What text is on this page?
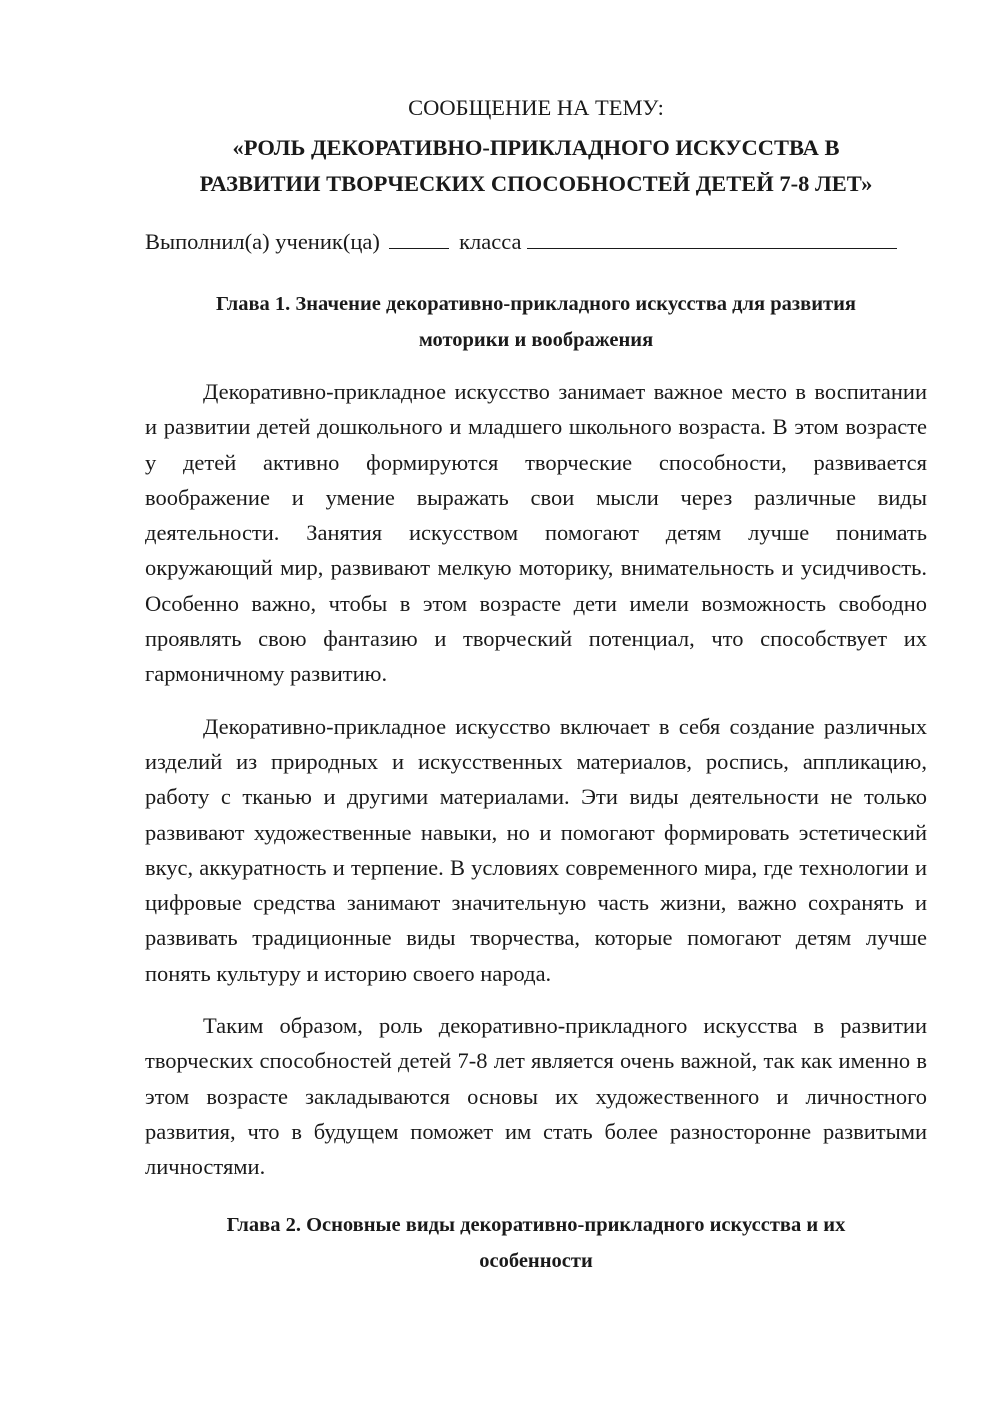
СООБЩЕНИЕ НА ТЕМУ:

«РОЛЬ ДЕКОРАТИВНО-ПРИКЛАДНОГО ИСКУССТВА В
РАЗВИТИИ ТВОРЧЕСКИХ СПОСОБНОСТЕЙ ДЕТЕЙ 7-8 ЛЕТ»

Выполнил(а) ученик(ца)	класса

Глава 1. Значение декоративно-прикладного искусства для развития
моторики и воображения

Декоративно-прикладное искусство занимает важное место в воспитании и развитии детей дошкольного и младшего школьного возраста. В этом возрасте у детей активно формируются творческие способности, развивается воображение и умение выражать свои мысли через различные виды деятельности. Занятия искусством помогают детям лучше понимать окружающий мир, развивают мелкую моторику, внимательность и усидчивость. Особенно важно, чтобы в этом возрасте дети имели возможность свободно проявлять свою фантазию и творческий потенциал, что способствует их гармоничному развитию.

Декоративно-прикладное искусство включает в себя создание различных изделий из природных и искусственных материалов, роспись, аппликацию, работу с тканью и другими материалами. Эти виды деятельности не только развивают художественные навыки, но и помогают формировать эстетический вкус, аккуратность и терпение. В условиях современного мира, где технологии и цифровые средства занимают значительную часть жизни, важно сохранять и развивать традиционные виды творчества, которые помогают детям лучше понять культуру и историю своего народа.

Таким образом, роль декоративно-прикладного искусства в развитии творческих способностей детей 7-8 лет является очень важной, так как именно в этом возрасте закладываются основы их художественного и личностного развития, что в будущем поможет им стать более разносторонне развитыми личностями.

Глава 2. Основные виды декоративно-прикладного искусства и их
особенности
